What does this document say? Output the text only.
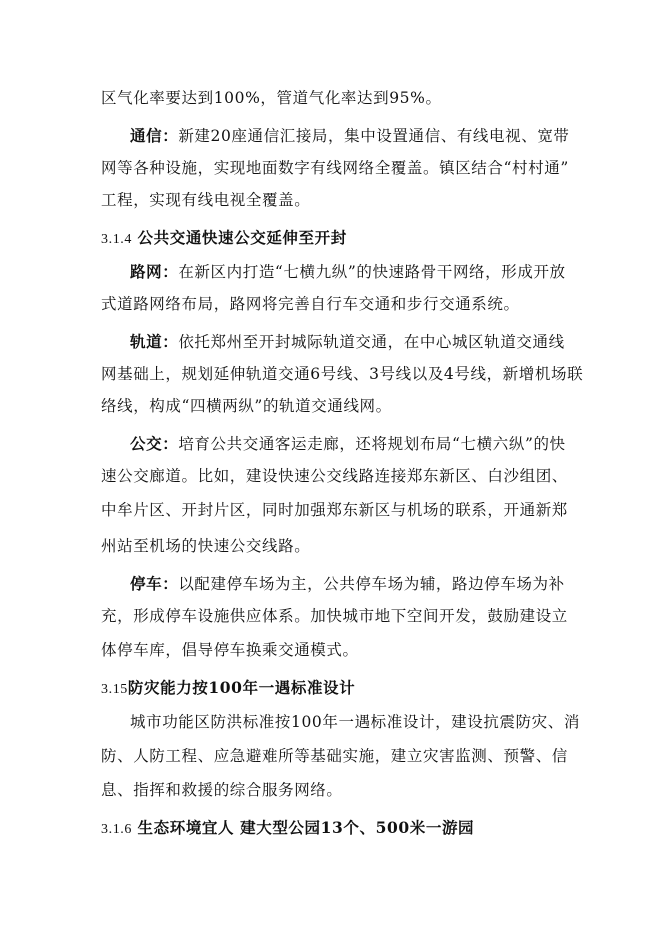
区气化率要达到100%，管道气化率达到95%。
通信：新建20座通信汇接局，集中设置通信、有线电视、宽带
网等各种设施，实现地面数字有线网络全覆盖。镇区结合“村村通”
工程，实现有线电视全覆盖。
3.1.4 公共交通快速公交延伸至开封
路网：在新区内打造“七横九纵”的快速路骨干网络，形成开放
式道路网络布局，路网将完善自行车交通和步行交通系统。
轨道：依托郑州至开封城际轨道交通，在中心城区轨道交通线
网基础上，规划延伸轨道交通6号线、3号线以及4号线，新增机场联
络线，构成“四横两纵”的轨道交通线网。
公交：培育公共交通客运走廊，还将规划布局“七横六纵”的快
速公交廊道。比如，建设快速公交线路连接郑东新区、白沙组团、
中牟片区、开封片区，同时加强郑东新区与机场的联系，开通新郑
州站至机场的快速公交线路。
停车：以配建停车场为主，公共停车场为辅，路边停车场为补
充，形成停车设施供应体系。加快城市地下空间开发，鼓励建设立
体停车库，倡导停车换乘交通模式。
3.15防灾能力按100年一遇标准设计
城市功能区防洪标准按100年一遇标准设计，建设抗震防灾、消
防、人防工程、应急避难所等基础实施，建立灾害监测、预警、信
息、指挥和救援的综合服务网络。
3.1.6 生态环境宜人 建大型公园13个、500米一游园
